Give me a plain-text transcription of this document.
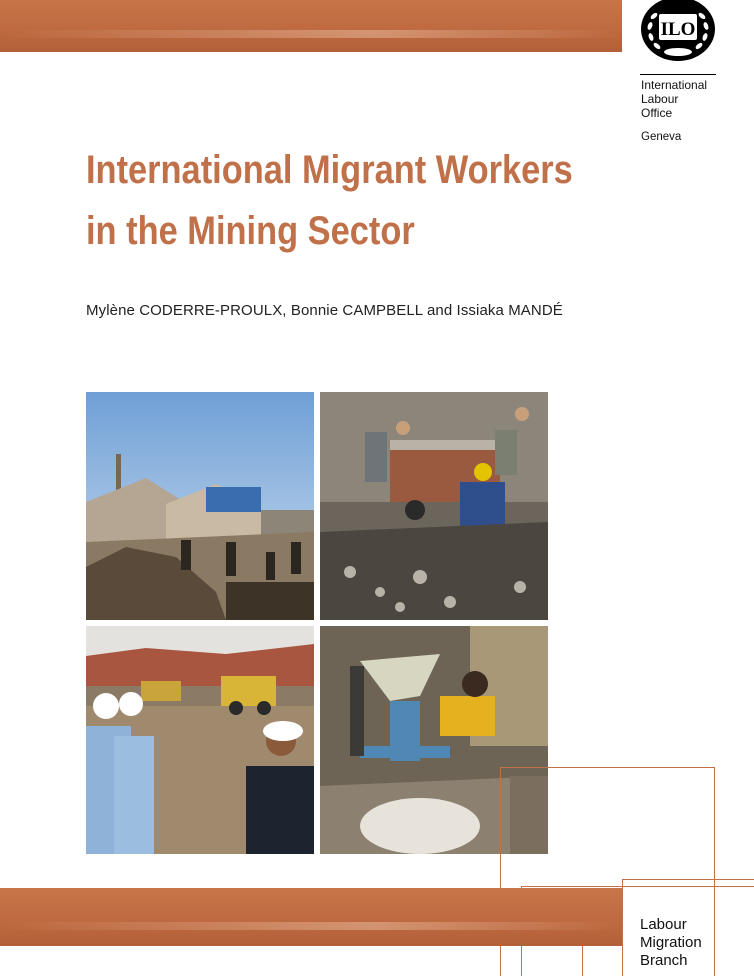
ILO
International
Labour
Office
Geneva
International Migrant Workers
in the Mining Sector
Mylène CODERRE-PROULX, Bonnie CAMPBELL and Issiaka MANDÉ
Labour
Migration
Branch
